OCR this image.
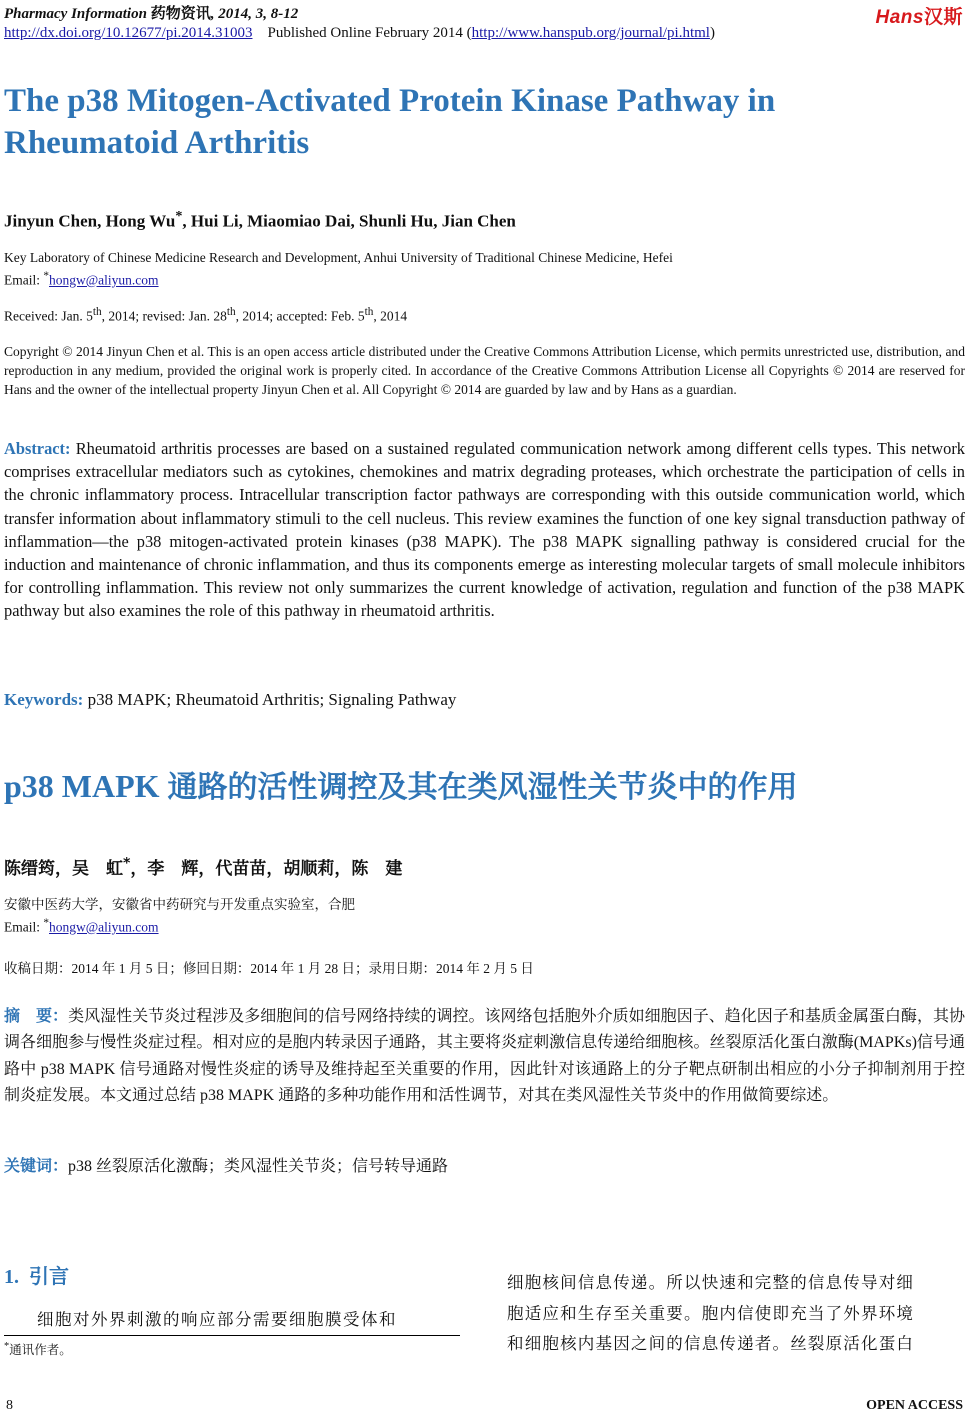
Pharmacy Information 药物资讯, 2014, 3, 8-12
http://dx.doi.org/10.12677/pi.2014.31003 Published Online February 2014 (http://www.hanspub.org/journal/pi.html)
Hans汉斯
The p38 Mitogen-Activated Protein Kinase Pathway in Rheumatoid Arthritis
Jinyun Chen, Hong Wu*, Hui Li, Miaomiao Dai, Shunli Hu, Jian Chen
Key Laboratory of Chinese Medicine Research and Development, Anhui University of Traditional Chinese Medicine, Hefei
Email: *hongw@aliyun.com
Received: Jan. 5th, 2014; revised: Jan. 28th, 2014; accepted: Feb. 5th, 2014
Copyright © 2014 Jinyun Chen et al. This is an open access article distributed under the Creative Commons Attribution License, which permits unrestricted use, distribution, and reproduction in any medium, provided the original work is properly cited. In accordance of the Creative Commons Attribution License all Copyrights © 2014 are reserved for Hans and the owner of the intellectual property Jinyun Chen et al. All Copyright © 2014 are guarded by law and by Hans as a guardian.
Abstract: Rheumatoid arthritis processes are based on a sustained regulated communication network among different cells types. This network comprises extracellular mediators such as cytokines, chemokines and matrix degrading proteases, which orchestrate the participation of cells in the chronic inflammatory process. Intracellular transcription factor pathways are corresponding with this outside communication world, which transfer information about inflammatory stimuli to the cell nucleus. This review examines the function of one key signal transduction pathway of inflammation—the p38 mitogen-activated protein kinases (p38 MAPK). The p38 MAPK signalling pathway is considered crucial for the induction and maintenance of chronic inflammation, and thus its components emerge as interesting molecular targets of small molecule inhibitors for controlling inflammation. This review not only summarizes the current knowledge of activation, regulation and function of the p38 MAPK pathway but also examines the role of this pathway in rheumatoid arthritis.
Keywords: p38 MAPK; Rheumatoid Arthritis; Signaling Pathway
p38 MAPK 通路的活性调控及其在类风湿性关节炎中的作用
陈缙筠，吴　虹*，李　辉，代苗苗，胡顺莉，陈　建
安徽中医药大学，安徽省中药研究与开发重点实验室，合肥
Email: *hongw@aliyun.com
收稿日期：2014 年 1 月 5 日；修回日期：2014 年 1 月 28 日；录用日期：2014 年 2 月 5 日
摘　要：类风湿性关节炎过程涉及多细胞间的信号网络持续的调控。该网络包括胞外介质如细胞因子、趋化因子和基质金属蛋白酶，其协调各细胞参与慢性炎症过程。相对应的是胞内转录因子通路，其主要将炎症刺激信息传递给细胞核。丝裂原活化蛋白激酶(MAPKs)信号通路中 p38 MAPK 信号通路对慢性炎症的诱导及维持起至关重要的作用，因此针对该通路上的分子靶点研制出相应的小分子抑制剂用于控制炎症发展。本文通过总结 p38 MAPK 通路的多种功能作用和活性调节，对其在类风湿性关节炎中的作用做简要综述。
关键词：p38 丝裂原活化激酶；类风湿性关节炎；信号转导通路
1. 引言
细胞对外界刺激的响应部分需要细胞膜受体和
*通讯作者。
细胞核间信息传递。所以快速和完整的信息传导对细
胞适应和生存至关重要。胞内信使即充当了外界环境
和细胞核内基因之间的信息传递者。丝裂原活化蛋白
8	OPEN ACCESS
